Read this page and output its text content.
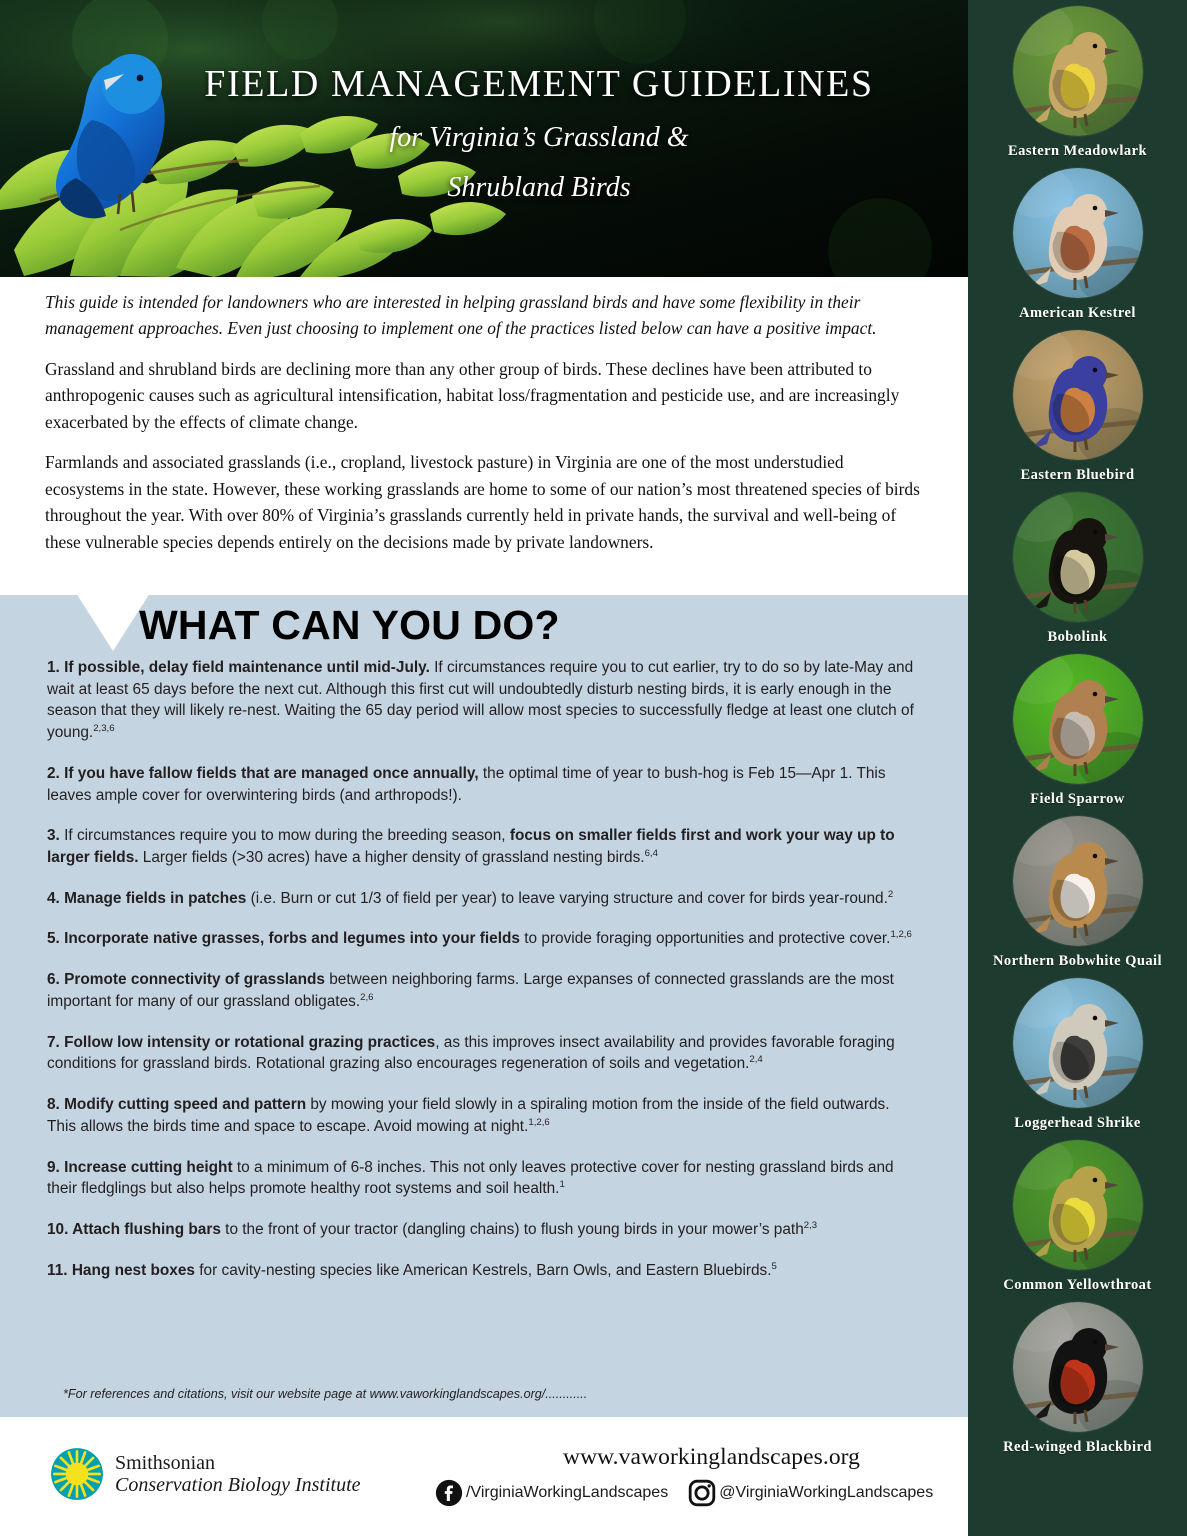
FIELD MANAGEMENT GUIDELINES
for Virginia’s Grassland &
Shrubland Birds

This guide is intended for landowners who are interested in helping grassland birds and have some flexibility in their management approaches. Even just choosing to implement one of the practices listed below can have a positive impact.

Grassland and shrubland birds are declining more than any other group of birds. These declines have been attributed to anthropogenic causes such as agricultural intensification, habitat loss/fragmentation and pesticide use, and are increasingly exacerbated by the effects of climate change.

Farmlands and associated grasslands (i.e., cropland, livestock pasture) in Virginia are one of the most understudied ecosystems in the state. However, these working grasslands are home to some of our nation’s most threatened species of birds throughout the year. With over 80% of Virginia’s grasslands currently held in private hands, the survival and well-being of these vulnerable species depends entirely on the decisions made by private landowners.

WHAT CAN YOU DO?
1. If possible, delay field maintenance until mid-July. If circumstances require you to cut earlier, try to do so by late-May and wait at least 65 days before the next cut. Although this first cut will undoubtedly disturb nesting birds, it is early enough in the season that they will likely re-nest. Waiting the 65 day period will allow most species to successfully fledge at least one clutch of young.$^{2,3,6}$
2. If you have fallow fields that are managed once annually, the optimal time of year to bush-hog is Feb 15—Apr 1. This leaves ample cover for overwintering birds (and arthropods!).
3. If circumstances require you to mow during the breeding season, focus on smaller fields first and work your way up to larger fields. Larger fields (>30 acres) have a higher density of grassland nesting birds.$^{6,4}$
4. Manage fields in patches (i.e. Burn or cut 1/3 of field per year) to leave varying structure and cover for birds year-round.$^2$
5. Incorporate native grasses, forbs and legumes into your fields to provide foraging opportunities and protective cover.$^{1,2,6}$
6. Promote connectivity of grasslands between neighboring farms. Large expanses of connected grasslands are the most important for many of our grassland obligates.$^{2,6}$
7. Follow low intensity or rotational grazing practices, as this improves insect availability and provides favorable foraging conditions for grassland birds. Rotational grazing also encourages regeneration of soils and vegetation.$^{2,4}$
8. Modify cutting speed and pattern by mowing your field slowly in a spiraling motion from the inside of the field outwards. This allows the birds time and space to escape. Avoid mowing at night.$^{1,2,6}$
9. Increase cutting height to a minimum of 6-8 inches. This not only leaves protective cover for nesting grassland birds and their fledglings but also helps promote healthy root systems and soil health.$^1$
10. Attach flushing bars to the front of your tractor (dangling chains) to flush young birds in your mower’s path$^{2,3}$
11. Hang nest boxes for cavity-nesting species like American Kestrels, Barn Owls, and Eastern Bluebirds.$^5$
*For references and citations, visit our website page at www.vaworkinglandscapes.org/............
Smithsonian
Conservation Biology Institute
www.vaworkinglandscapes.org
/VirginiaWorkingLandscapes	@VirginiaWorkingLandscapes
Eastern Meadowlark
American Kestrel
Eastern Bluebird
Bobolink
Field Sparrow
Northern Bobwhite Quail
Loggerhead Shrike
Common Yellowthroat
Red-winged Blackbird
